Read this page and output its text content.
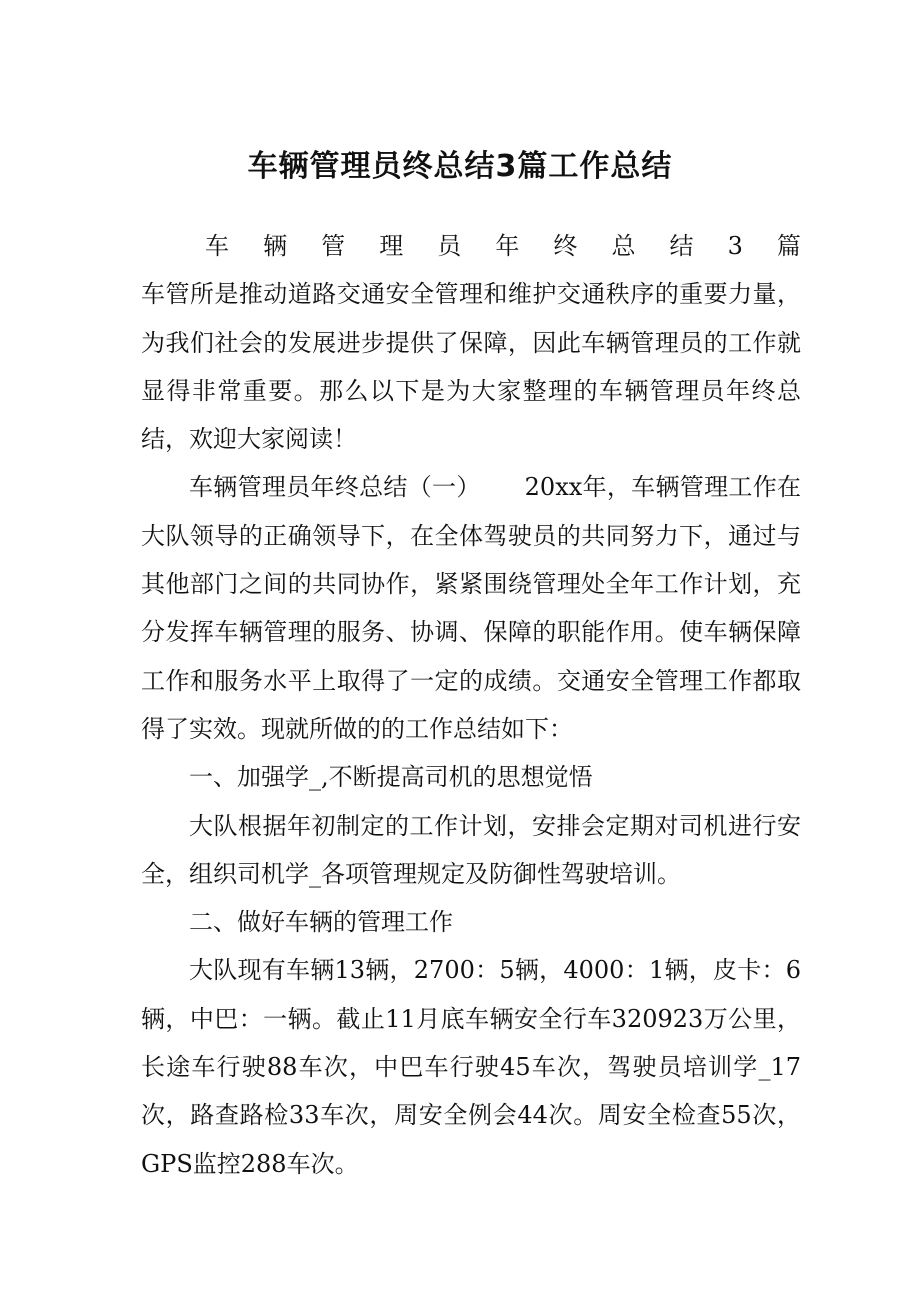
车辆管理员终总结3篇工作总结
车 辆 管 理 员 年 终 总 结 3 篇

车管所是推动道路交通安全管理和维护交通秩序的重要力量，为我们社会的发展进步提供了保障，因此车辆管理员的工作就显得非常重要。那么以下是为大家整理的车辆管理员年终总结，欢迎大家阅读！

车辆管理员年终总结（一） 20xx年，车辆管理工作在大队领导的正确领导下，在全体驾驶员的共同努力下，通过与其他部门之间的共同协作，紧紧围绕管理处全年工作计划，充分发挥车辆管理的服务、协调、保障的职能作用。使车辆保障工作和服务水平上取得了一定的成绩。交通安全管理工作都取得了实效。现就所做的的工作总结如下：

一、加强学_,不断提高司机的思想觉悟

大队根据年初制定的工作计划，安排会定期对司机进行安全，组织司机学_各项管理规定及防御性驾驶培训。

二、做好车辆的管理工作

大队现有车辆13辆，2700：5辆，4000：1辆，皮卡：6辆，中巴：一辆。截止11月底车辆安全行车320923万公里，长途车行驶88车次，中巴车行驶45车次，驾驶员培训学_17次，路查路检33车次，周安全例会44次。周安全检查55次，GPS监控288车次。
